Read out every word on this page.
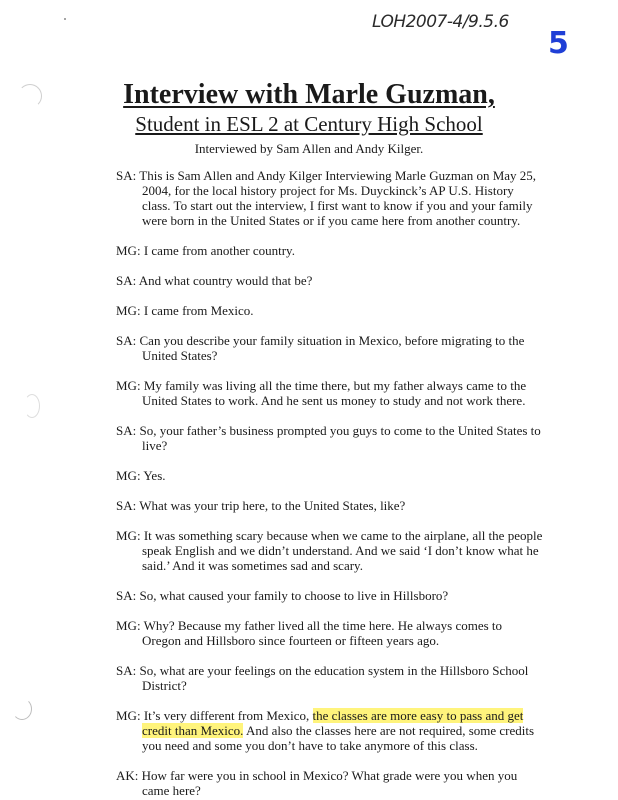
LOH2007-4/9.5.6
5
Interview with Marle Guzman,
Student in ESL 2 at Century High School
Interviewed by Sam Allen and Andy Kilger.

SA: This is Sam Allen and Andy Kilger Interviewing Marle Guzman on May 25, 2004, for the local history project for Ms. Duyckinck’s AP U.S. History class. To start out the interview, I first want to know if you and your family were born in the United States or if you came here from another country.

MG: I came from another country.

SA: And what country would that be?

MG: I came from Mexico.

SA: Can you describe your family situation in Mexico, before migrating to the United States?

MG: My family was living all the time there, but my father always came to the United States to work. And he sent us money to study and not work there.

SA: So, your father’s business prompted you guys to come to the United States to live?

MG: Yes.

SA: What was your trip here, to the United States, like?

MG: It was something scary because when we came to the airplane, all the people speak English and we didn’t understand. And we said ‘I don’t know what he said.’ And it was sometimes sad and scary.

SA: So, what caused your family to choose to live in Hillsboro?

MG: Why? Because my father lived all the time here. He always comes to Oregon and Hillsboro since fourteen or fifteen years ago.

SA: So, what are your feelings on the education system in the Hillsboro School District?

MG: It’s very different from Mexico, the classes are more easy to pass and get credit than Mexico. And also the classes here are not required, some credits you need and some you don’t have to take anymore of this class.

AK: How far were you in school in Mexico? What grade were you when you came here?
